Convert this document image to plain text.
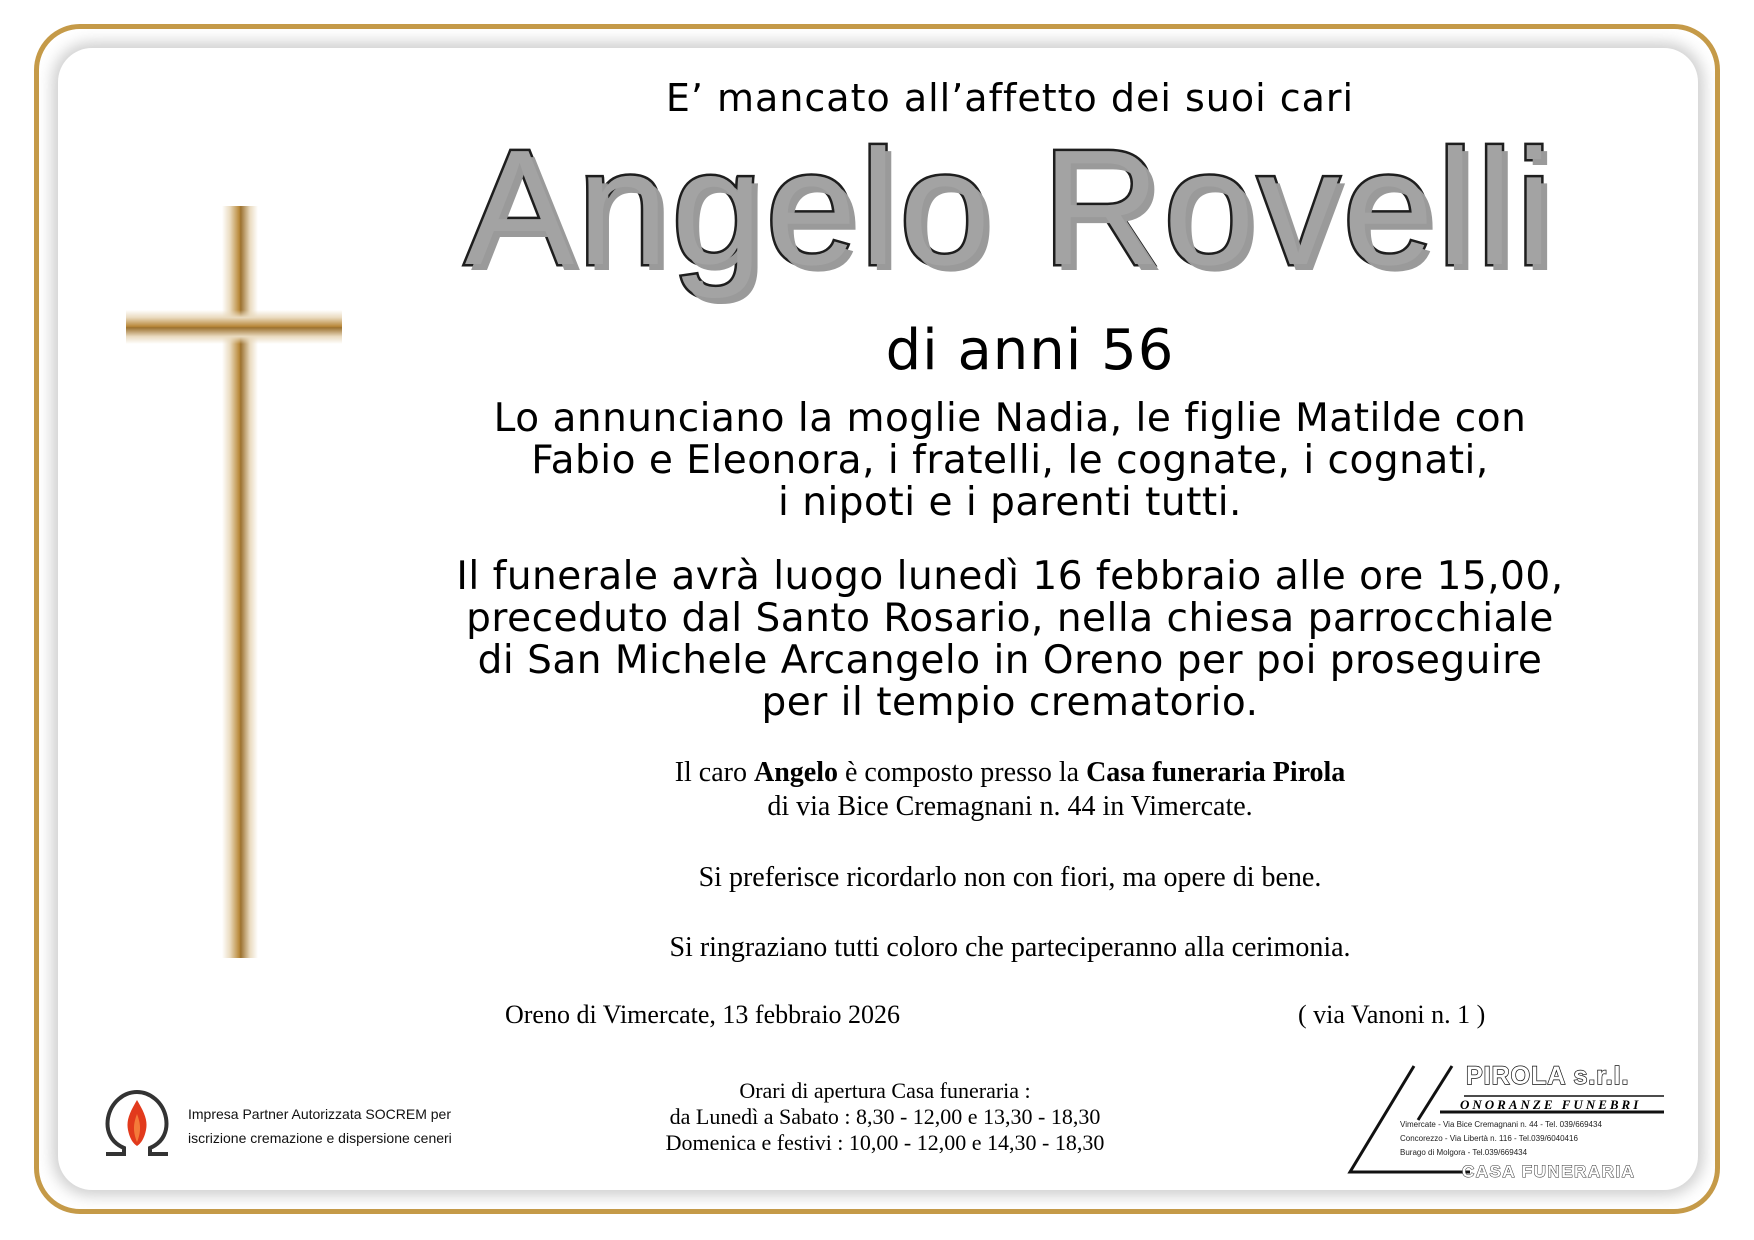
E’ mancato all’affetto dei suoi cari
Angelo Rovelli
di anni 56
Lo annunciano la moglie Nadia, le figlie Matilde con
Fabio e Eleonora, i fratelli, le cognate, i cognati,
i nipoti e i parenti tutti.
Il funerale avrà luogo lunedì 16 febbraio alle ore 15,00,
preceduto dal Santo Rosario, nella chiesa parrocchiale
di San Michele Arcangelo in Oreno per poi proseguire
per il tempio crematorio.
Il caro Angelo è composto presso la Casa funeraria Pirola
di via Bice Cremagnani n. 44 in Vimercate.
Si preferisce ricordarlo non con fiori, ma opere di bene.
Si ringraziano tutti coloro che parteciperanno alla cerimonia.
Oreno di Vimercate, 13 febbraio 2026	( via Vanoni n. 1 )
Orari di apertura Casa funeraria :
da Lunedì a Sabato : 8,30 - 12,00 e 13,30 - 18,30
Domenica e festivi : 10,00 - 12,00 e 14,30 - 18,30
Impresa Partner Autorizzata SOCREM per
iscrizione cremazione e dispersione ceneri
PIROLA s.r.l.
ONORANZE FUNEBRI
Vimercate - Via Bice Cremagnani n. 44 - Tel. 039/669434
Concorezzo - Via Libertà n. 116 - Tel.039/6040416
Burago di Molgora - Tel.039/669434
CASA FUNERARIA
